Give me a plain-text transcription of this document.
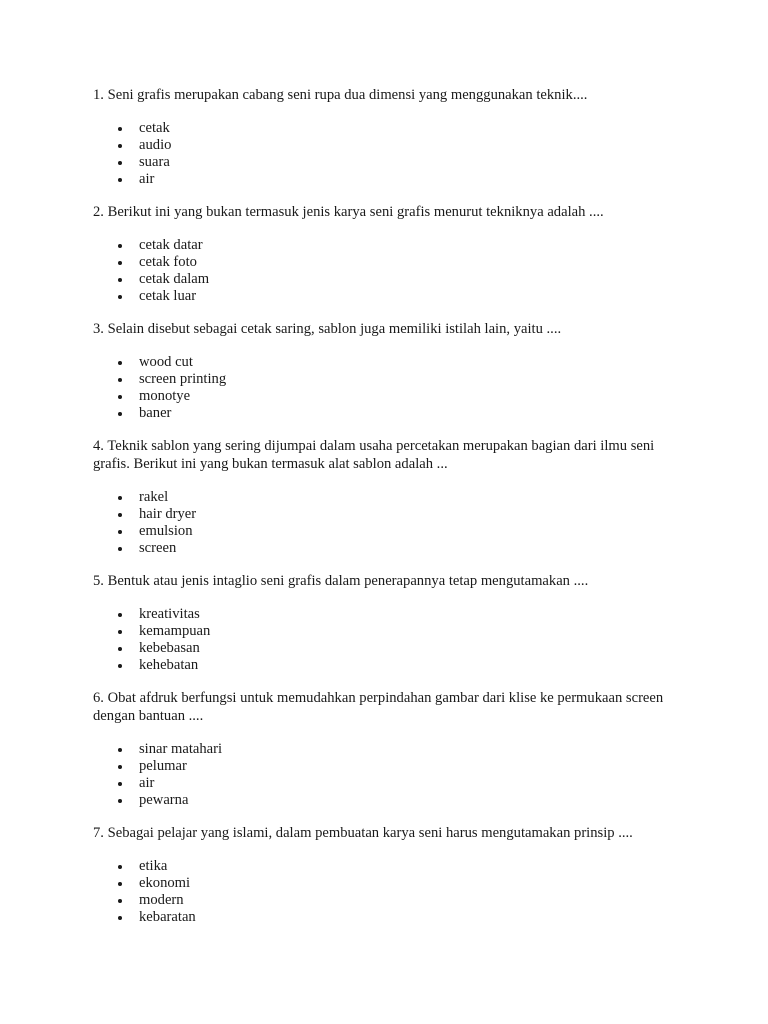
1. Seni grafis merupakan cabang seni rupa dua dimensi yang menggunakan teknik....

cetak
audio
suara
air

2. Berikut ini yang bukan termasuk jenis karya seni grafis menurut tekniknya adalah ....

cetak datar
cetak foto
cetak dalam
cetak luar

3. Selain disebut sebagai cetak saring, sablon juga memiliki istilah lain, yaitu ....

wood cut
screen printing
monotye
baner

4. Teknik sablon yang sering dijumpai dalam usaha percetakan merupakan bagian dari ilmu seni grafis. Berikut ini yang bukan termasuk alat sablon adalah ...

rakel
hair dryer
emulsion
screen

5. Bentuk atau jenis intaglio seni grafis dalam penerapannya tetap mengutamakan ....

kreativitas
kemampuan
kebebasan
kehebatan

6. Obat afdruk berfungsi untuk memudahkan perpindahan gambar dari klise ke permukaan screen dengan bantuan ....

sinar matahari
pelumar
air
pewarna

7. Sebagai pelajar yang islami, dalam pembuatan karya seni harus mengutamakan prinsip ....

etika
ekonomi
modern
kebaratan
